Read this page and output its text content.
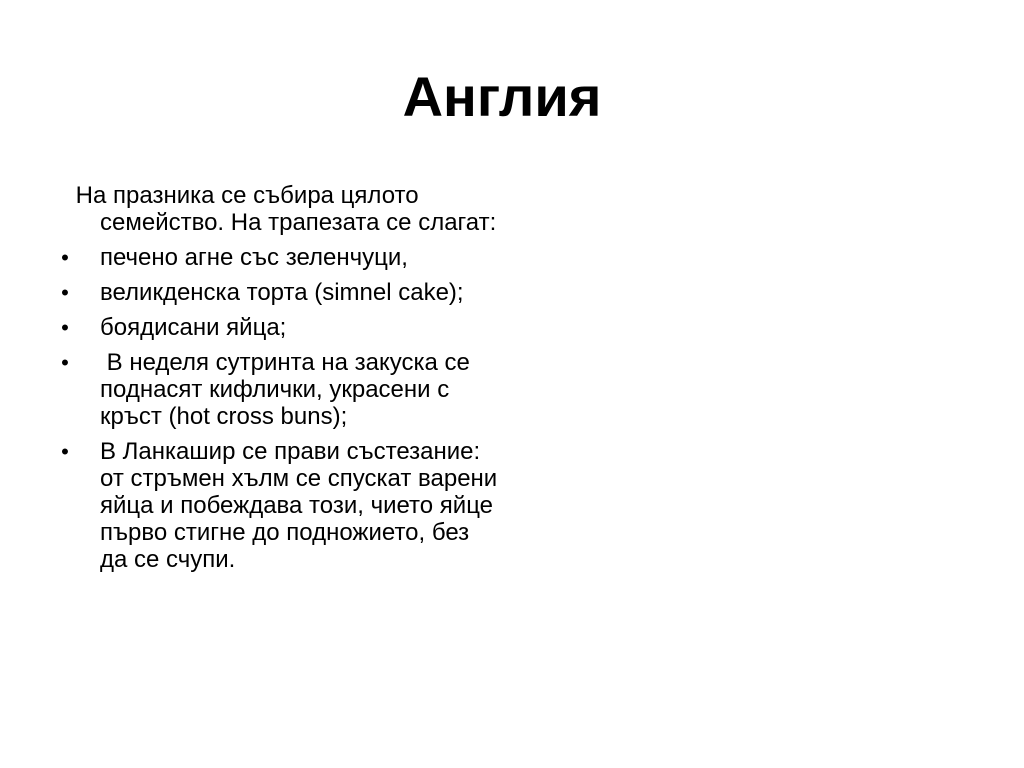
Англия

На празника се събира цялото семейство. На трапезата се слагат:

• печено агне със зеленчуци,
• великденска торта (simnel cake);
• боядисани яйца;
• В неделя сутринта на закуска се поднасят кифлички, украсени с кръст (hot cross buns);
• В Ланкашир се прави състезание: от стръмен хълм се спускат варени яйца и побеждава този, чието яйце първо стигне до подножието, без да се счупи.
